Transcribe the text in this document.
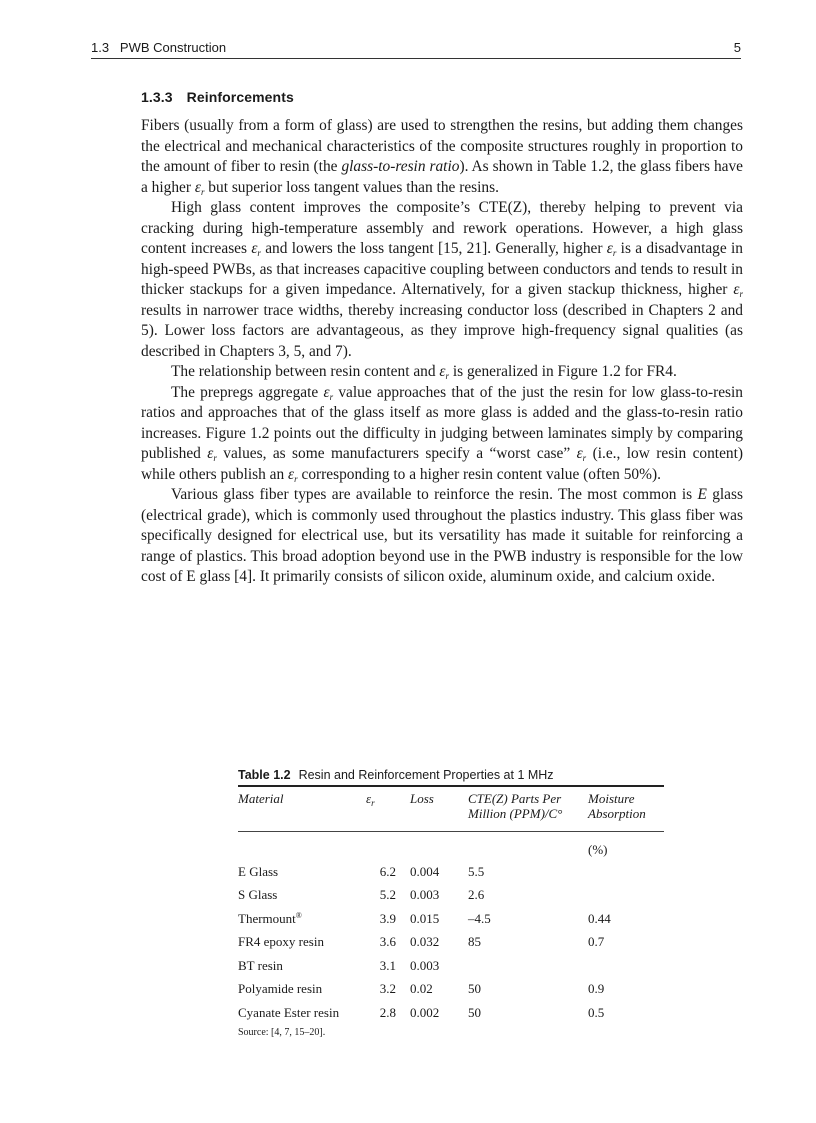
1.3   PWB Construction	5
1.3.3 Reinforcements

Fibers (usually from a form of glass) are used to strengthen the resins, but adding them changes the electrical and mechanical characteristics of the composite structures roughly in proportion to the amount of fiber to resin (the glass-to-resin ratio). As shown in Table 1.2, the glass fibers have a higher $\varepsilon_r$ but superior loss tangent values than the resins.

High glass content improves the composite’s CTE(Z), thereby helping to prevent via cracking during high-temperature assembly and rework operations. However, a high glass content increases $\varepsilon_r$ and lowers the loss tangent [15, 21]. Generally, higher $\varepsilon_r$ is a disadvantage in high-speed PWBs, as that increases capacitive coupling between conductors and tends to result in thicker stackups for a given impedance. Alternatively, for a given stackup thickness, higher $\varepsilon_r$ results in narrower trace widths, thereby increasing conductor loss (described in Chapters 2 and 5). Lower loss factors are advantageous, as they improve high-frequency signal qualities (as described in Chapters 3, 5, and 7).

The relationship between resin content and $\varepsilon_r$ is generalized in Figure 1.2 for FR4.

The prepregs aggregate $\varepsilon_r$ value approaches that of the just the resin for low glass-to-resin ratios and approaches that of the glass itself as more glass is added and the glass-to-resin ratio increases. Figure 1.2 points out the difficulty in judging between laminates simply by comparing published $\varepsilon_r$ values, as some manufacturers specify a “worst case” $\varepsilon_r$ (i.e., low resin content) while others publish an $\varepsilon_r$ corresponding to a higher resin content value (often 50%).

Various glass fiber types are available to reinforce the resin. The most common is E glass (electrical grade), which is commonly used throughout the plastics industry. This glass fiber was specifically designed for electrical use, but its versatility has made it suitable for reinforcing a range of plastics. This broad adoption beyond use in the PWB industry is responsible for the low cost of E glass [4]. It primarily consists of silicon oxide, aluminum oxide, and calcium oxide.

Table 1.2 Resin and Reinforcement Properties at 1 MHz
Material	$\varepsilon_r$	Loss	CTE(Z) Parts Per Million (PPM)/C°	Moisture Absorption
				(%)
E Glass	6.2	0.004	5.5	
S Glass	5.2	0.003	2.6	
Thermount®	3.9	0.015	–4.5	0.44
FR4 epoxy resin	3.6	0.032	85	0.7
BT resin	3.1	0.003		
Polyamide resin	3.2	0.02	50	0.9
Cyanate Ester resin	2.8	0.002	50	0.5
Source: [4, 7, 15–20].
